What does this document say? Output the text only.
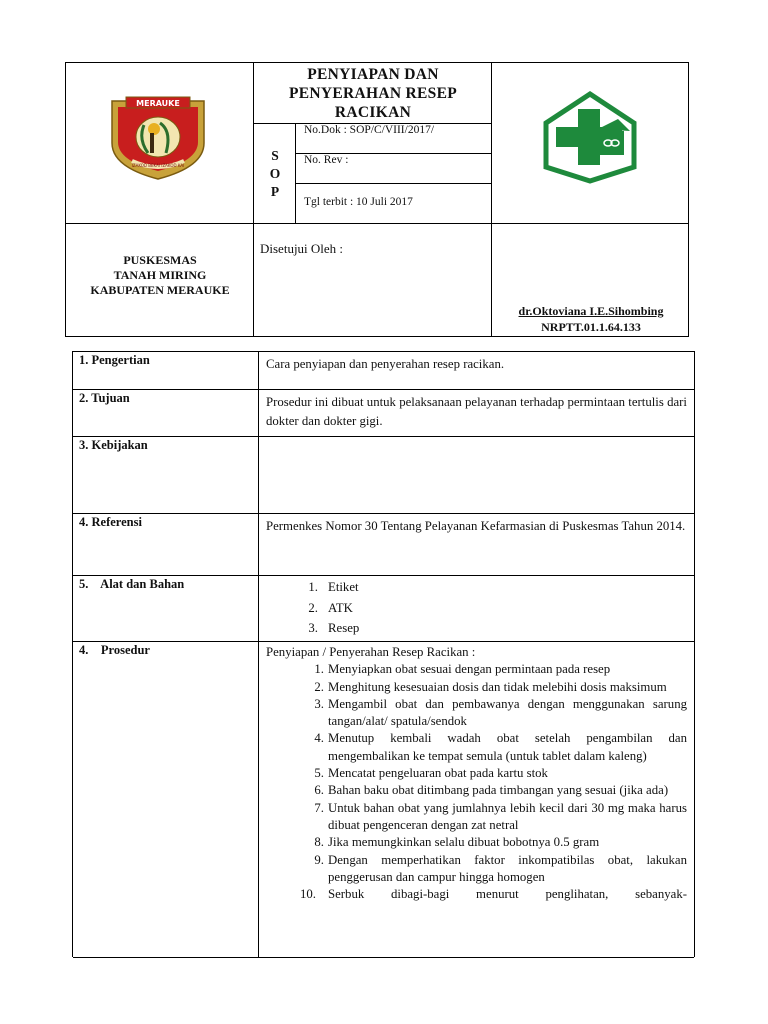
MERAUKE
IZAKOD BEKAI IZAKOD KAI
PENYIAPAN DAN
PENYERAHAN RESEP
RACIKAN
S
O
P
No.Dok : SOP/C/VIII/2017/
No. Rev :
Tgl terbit : 10 Juli 2017
PUSKESMAS
TANAH MIRING
KABUPATEN MERAUKE
Disetujui Oleh :
dr.Oktoviana I.E.Sihombing
NRPTT.01.1.64.133
1. Pengertian	Cara penyiapan dan penyerahan resep racikan.
2. Tujuan	Prosedur ini dibuat untuk pelaksanaan pelayanan terhadap permintaan tertulis dari dokter dan dokter gigi.
3. Kebijakan
4. Referensi	Permenkes Nomor 30 Tentang Pelayanan Kefarmasian di Puskesmas Tahun 2014.
5.    Alat dan Bahan	1. Etiket
2. ATK
3. Resep
4.    Prosedur	Penyiapan / Penyerahan Resep Racikan :
1. Menyiapkan obat sesuai dengan permintaan pada resep
2. Menghitung kesesuaian dosis dan tidak melebihi dosis maksimum
3. Mengambil obat dan pembawanya dengan menggunakan sarung tangan/alat/ spatula/sendok
4. Menutup kembali wadah obat setelah pengambilan dan mengembalikan ke tempat semula (untuk tablet dalam kaleng)
5. Mencatat pengeluaran obat pada kartu stok
6. Bahan baku obat ditimbang pada timbangan yang sesuai (jika ada)
7. Untuk bahan obat yang jumlahnya lebih kecil dari 30 mg maka harus dibuat pengenceran dengan zat netral
8. Jika memungkinkan selalu dibuat bobotnya 0.5 gram
9. Dengan memperhatikan faktor inkompatibilas obat, lakukan penggerusan dan campur hingga homogen
10. Serbuk dibagi-bagi menurut penglihatan, sebanyak-
